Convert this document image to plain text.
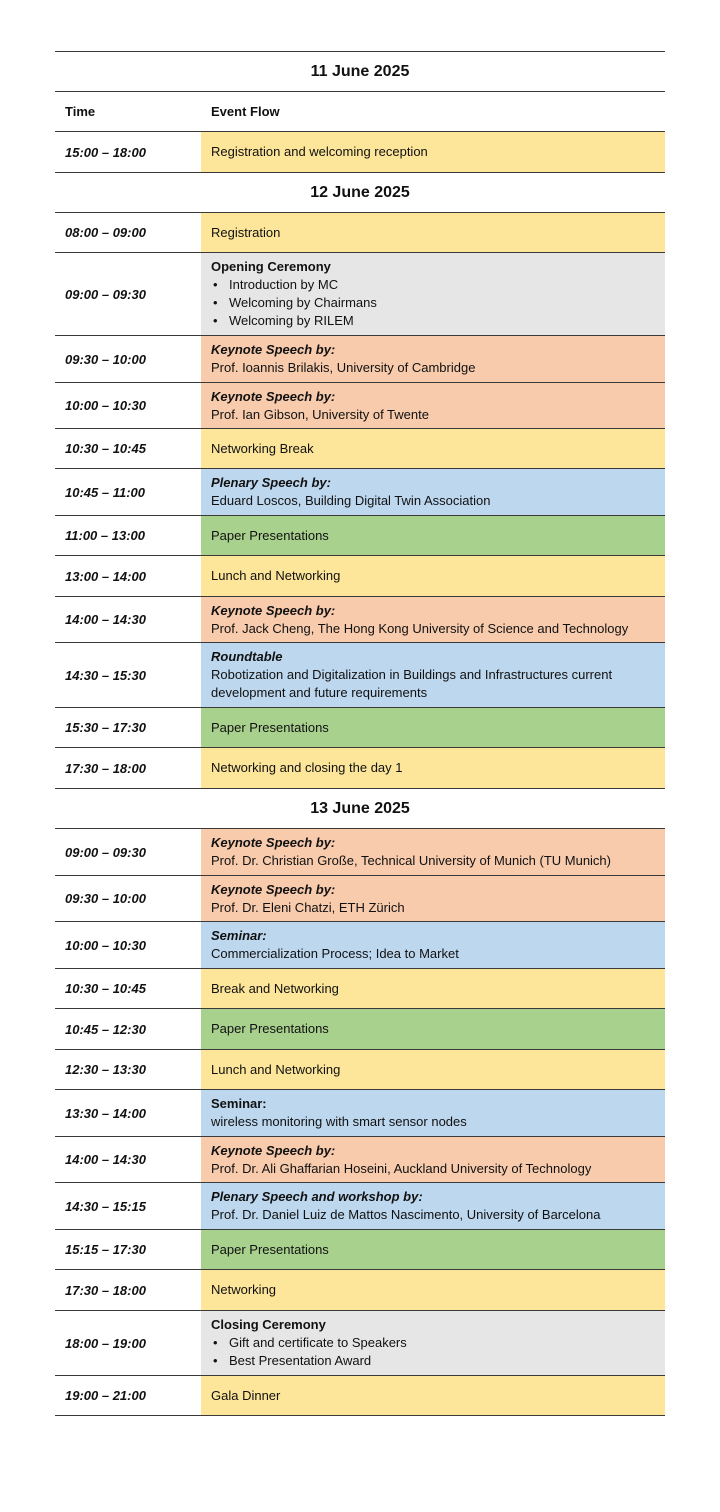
11 June 2025
Time	Event Flow
15:00 – 18:00	Registration and welcoming reception
12 June 2025
08:00 – 09:00	Registration
09:00 – 09:30
Opening Ceremony
• Introduction by MC
• Welcoming by Chairmans
• Welcoming by RILEM
09:30 – 10:00
Keynote Speech by:
Prof. Ioannis Brilakis, University of Cambridge
10:00 – 10:30
Keynote Speech by:
Prof. Ian Gibson, University of Twente
10:30 – 10:45	Networking Break
10:45 – 11:00
Plenary Speech by:
Eduard Loscos, Building Digital Twin Association
11:00 – 13:00	Paper Presentations
13:00 – 14:00	Lunch and Networking
14:00 – 14:30
Keynote Speech by:
Prof. Jack Cheng, The Hong Kong University of Science and Technology
14:30 – 15:30
Roundtable
Robotization and Digitalization in Buildings and Infrastructures current development and future requirements
15:30 – 17:30	Paper Presentations
17:30 – 18:00	Networking and closing the day 1
13 June 2025
09:00 – 09:30
Keynote Speech by:
Prof. Dr. Christian Große, Technical University of Munich (TU Munich)
09:30 – 10:00
Keynote Speech by:
Prof. Dr. Eleni Chatzi, ETH Zürich
10:00 – 10:30
Seminar:
Commercialization Process; Idea to Market
10:30 – 10:45	Break and Networking
10:45 – 12:30	Paper Presentations
12:30 – 13:30	Lunch and Networking
13:30 – 14:00
Seminar:
wireless monitoring with smart sensor nodes
14:00 – 14:30
Keynote Speech by:
Prof. Dr. Ali Ghaffarian Hoseini, Auckland University of Technology
14:30 – 15:15
Plenary Speech and workshop by:
Prof. Dr. Daniel Luiz de Mattos Nascimento, University of Barcelona
15:15 – 17:30	Paper Presentations
17:30 – 18:00	Networking
18:00 – 19:00
Closing Ceremony
• Gift and certificate to Speakers
• Best Presentation Award
19:00 – 21:00	Gala Dinner
